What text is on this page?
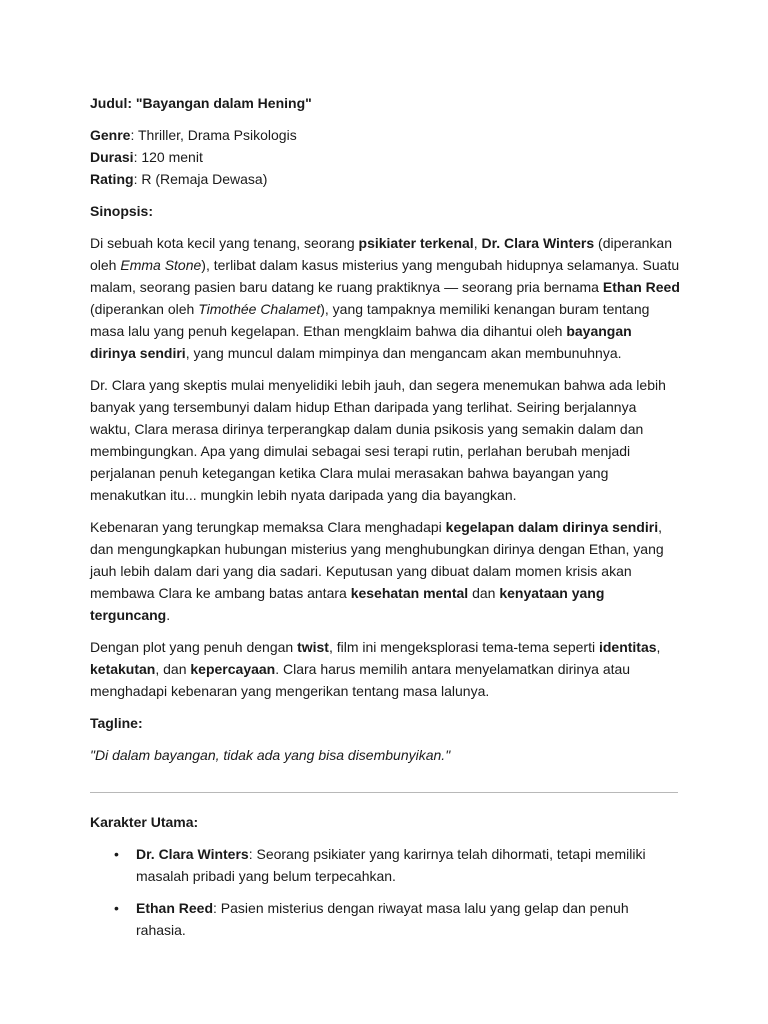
Judul: "Bayangan dalam Hening"

Genre: Thriller, Drama Psikologis
Durasi: 120 menit
Rating: R (Remaja Dewasa)

Sinopsis:

Di sebuah kota kecil yang tenang, seorang psikiater terkenal, Dr. Clara Winters (diperankan oleh Emma Stone), terlibat dalam kasus misterius yang mengubah hidupnya selamanya. Suatu malam, seorang pasien baru datang ke ruang praktiknya — seorang pria bernama Ethan Reed (diperankan oleh Timothée Chalamet), yang tampaknya memiliki kenangan buram tentang masa lalu yang penuh kegelapan. Ethan mengklaim bahwa dia dihantui oleh bayangan dirinya sendiri, yang muncul dalam mimpinya dan mengancam akan membunuhnya.

Dr. Clara yang skeptis mulai menyelidiki lebih jauh, dan segera menemukan bahwa ada lebih banyak yang tersembunyi dalam hidup Ethan daripada yang terlihat. Seiring berjalannya waktu, Clara merasa dirinya terperangkap dalam dunia psikosis yang semakin dalam dan membingungkan. Apa yang dimulai sebagai sesi terapi rutin, perlahan berubah menjadi perjalanan penuh ketegangan ketika Clara mulai merasakan bahwa bayangan yang menakutkan itu... mungkin lebih nyata daripada yang dia bayangkan.

Kebenaran yang terungkap memaksa Clara menghadapi kegelapan dalam dirinya sendiri, dan mengungkapkan hubungan misterius yang menghubungkan dirinya dengan Ethan, yang jauh lebih dalam dari yang dia sadari. Keputusan yang dibuat dalam momen krisis akan membawa Clara ke ambang batas antara kesehatan mental dan kenyataan yang terguncang.

Dengan plot yang penuh dengan twist, film ini mengeksplorasi tema-tema seperti identitas, ketakutan, dan kepercayaan. Clara harus memilih antara menyelamatkan dirinya atau menghadapi kebenaran yang mengerikan tentang masa lalunya.

Tagline:

"Di dalam bayangan, tidak ada yang bisa disembunyikan."

Karakter Utama:

• Dr. Clara Winters: Seorang psikiater yang karirnya telah dihormati, tetapi memiliki masalah pribadi yang belum terpecahkan.
• Ethan Reed: Pasien misterius dengan riwayat masa lalu yang gelap dan penuh rahasia.
